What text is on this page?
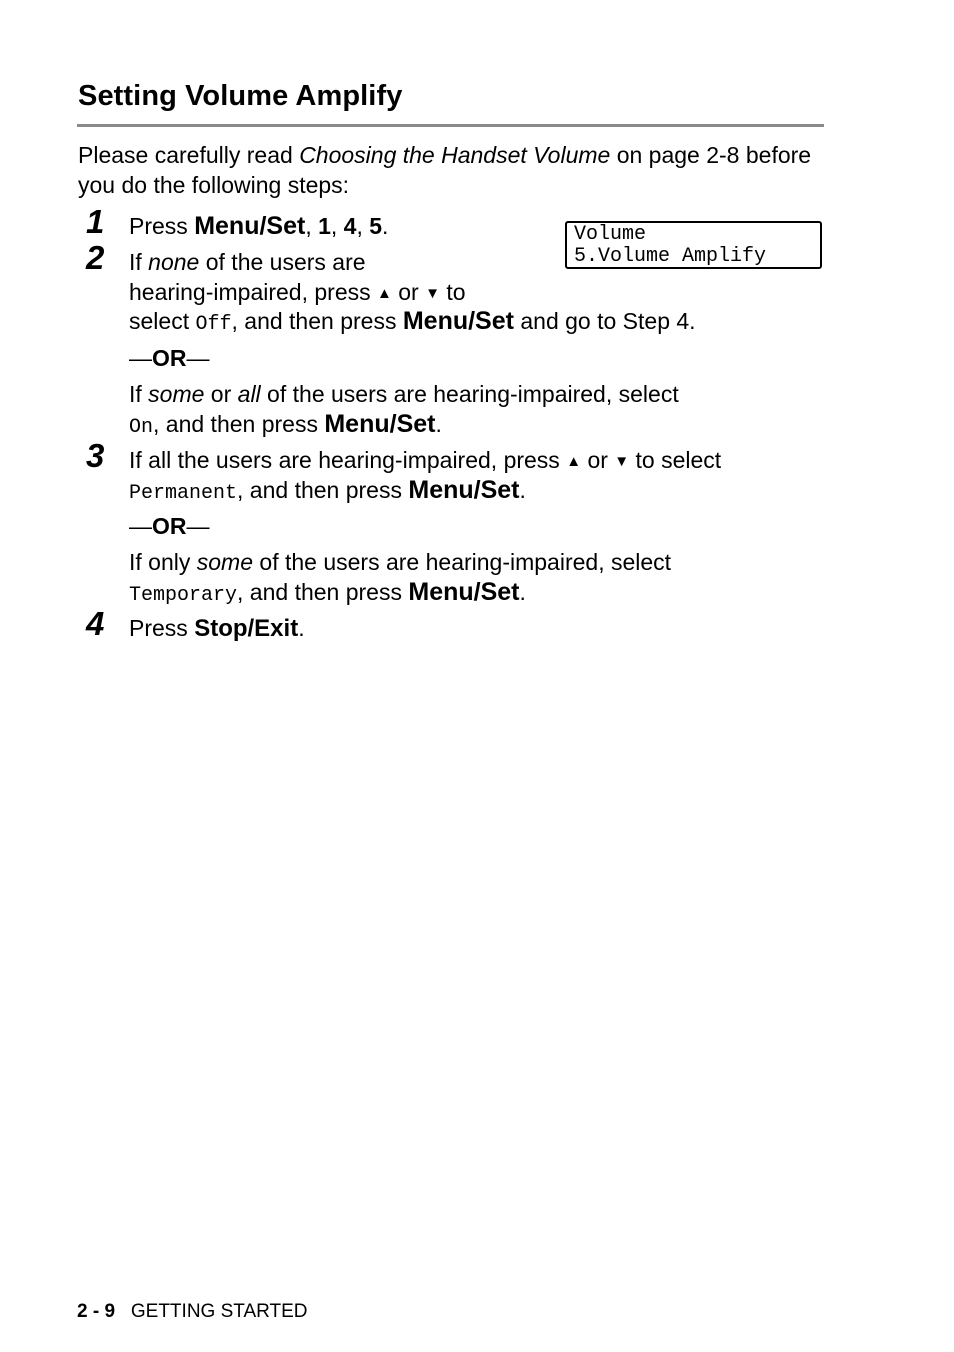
Setting Volume Amplify
Please carefully read Choosing the Handset Volume on page 2-8 before you do the following steps:
Volume
5.Volume Amplify
1 Press Menu/Set, 1, 4, 5.
2 If none of the users are
hearing-impaired, press ▲ or ▼ to
select Off, and then press Menu/Set and go to Step 4.
—OR—
If some or all of the users are hearing-impaired, select
On, and then press Menu/Set.
3 If all the users are hearing-impaired, press ▲ or ▼ to select
Permanent, and then press Menu/Set.
—OR—
If only some of the users are hearing-impaired, select
Temporary, and then press Menu/Set.
4 Press Stop/Exit.
2 - 9 GETTING STARTED
